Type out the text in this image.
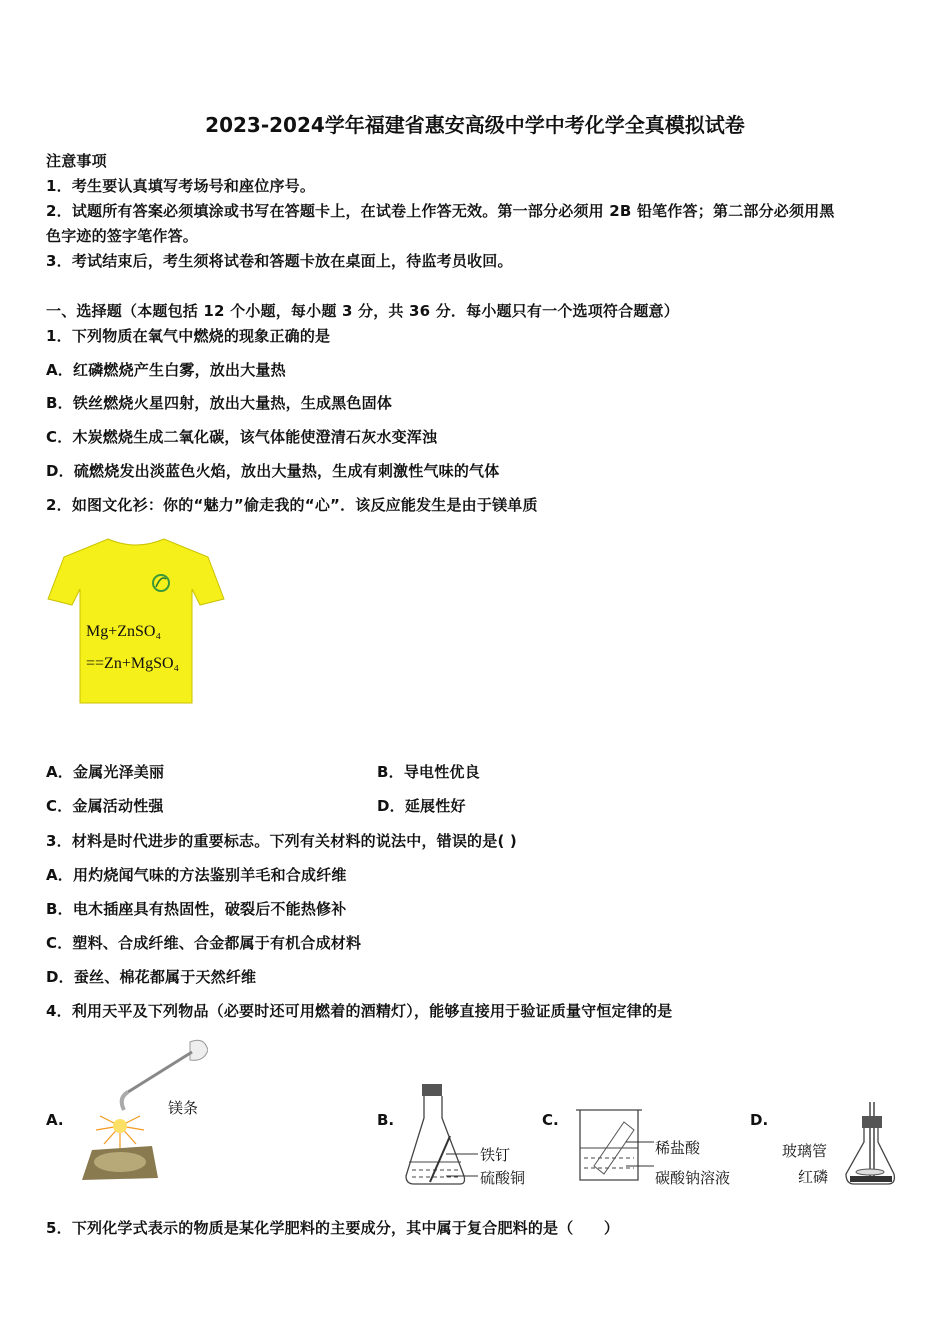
2023-2024学年福建省惠安高级中学中考化学全真模拟试卷
注意事项
1．考生要认真填写考场号和座位序号。
2．试题所有答案必须填涂或书写在答题卡上，在试卷上作答无效。第一部分必须用 2B 铅笔作答；第二部分必须用黑
色字迹的签字笔作答。
3．考试结束后，考生须将试卷和答题卡放在桌面上，待监考员收回。
一、选择题（本题包括 12 个小题，每小题 3 分，共 36 分．每小题只有一个选项符合题意）
1．下列物质在氧气中燃烧的现象正确的是
A．红磷燃烧产生白雾，放出大量热
B．铁丝燃烧火星四射，放出大量热，生成黑色固体
C．木炭燃烧生成二氧化碳，该气体能使澄清石灰水变浑浊
D．硫燃烧发出淡蓝色火焰，放出大量热，生成有刺激性气味的气体
2．如图文化衫：你的“魅力”偷走我的“心”．该反应能发生是由于镁单质
Mg+ZnSO₄
==Zn+MgSO₄
A．金属光泽美丽	B．导电性优良
C．金属活动性强	D．延展性好
3．材料是时代进步的重要标志。下列有关材料的说法中，错误的是( )
A．用灼烧闻气味的方法鉴别羊毛和合成纤维
B．电木插座具有热固性，破裂后不能热修补
C．塑料、合成纤维、合金都属于有机合成材料
D．蚕丝、棉花都属于天然纤维
4．利用天平及下列物品（必要时还可用燃着的酒精灯），能够直接用于验证质量守恒定律的是
A.
镁条
B.
铁钉
硫酸铜
C.
稀盐酸
碳酸钠溶液
D.
玻璃管
红磷
5．下列化学式表示的物质是某化学肥料的主要成分，其中属于复合肥料的是（　　）
